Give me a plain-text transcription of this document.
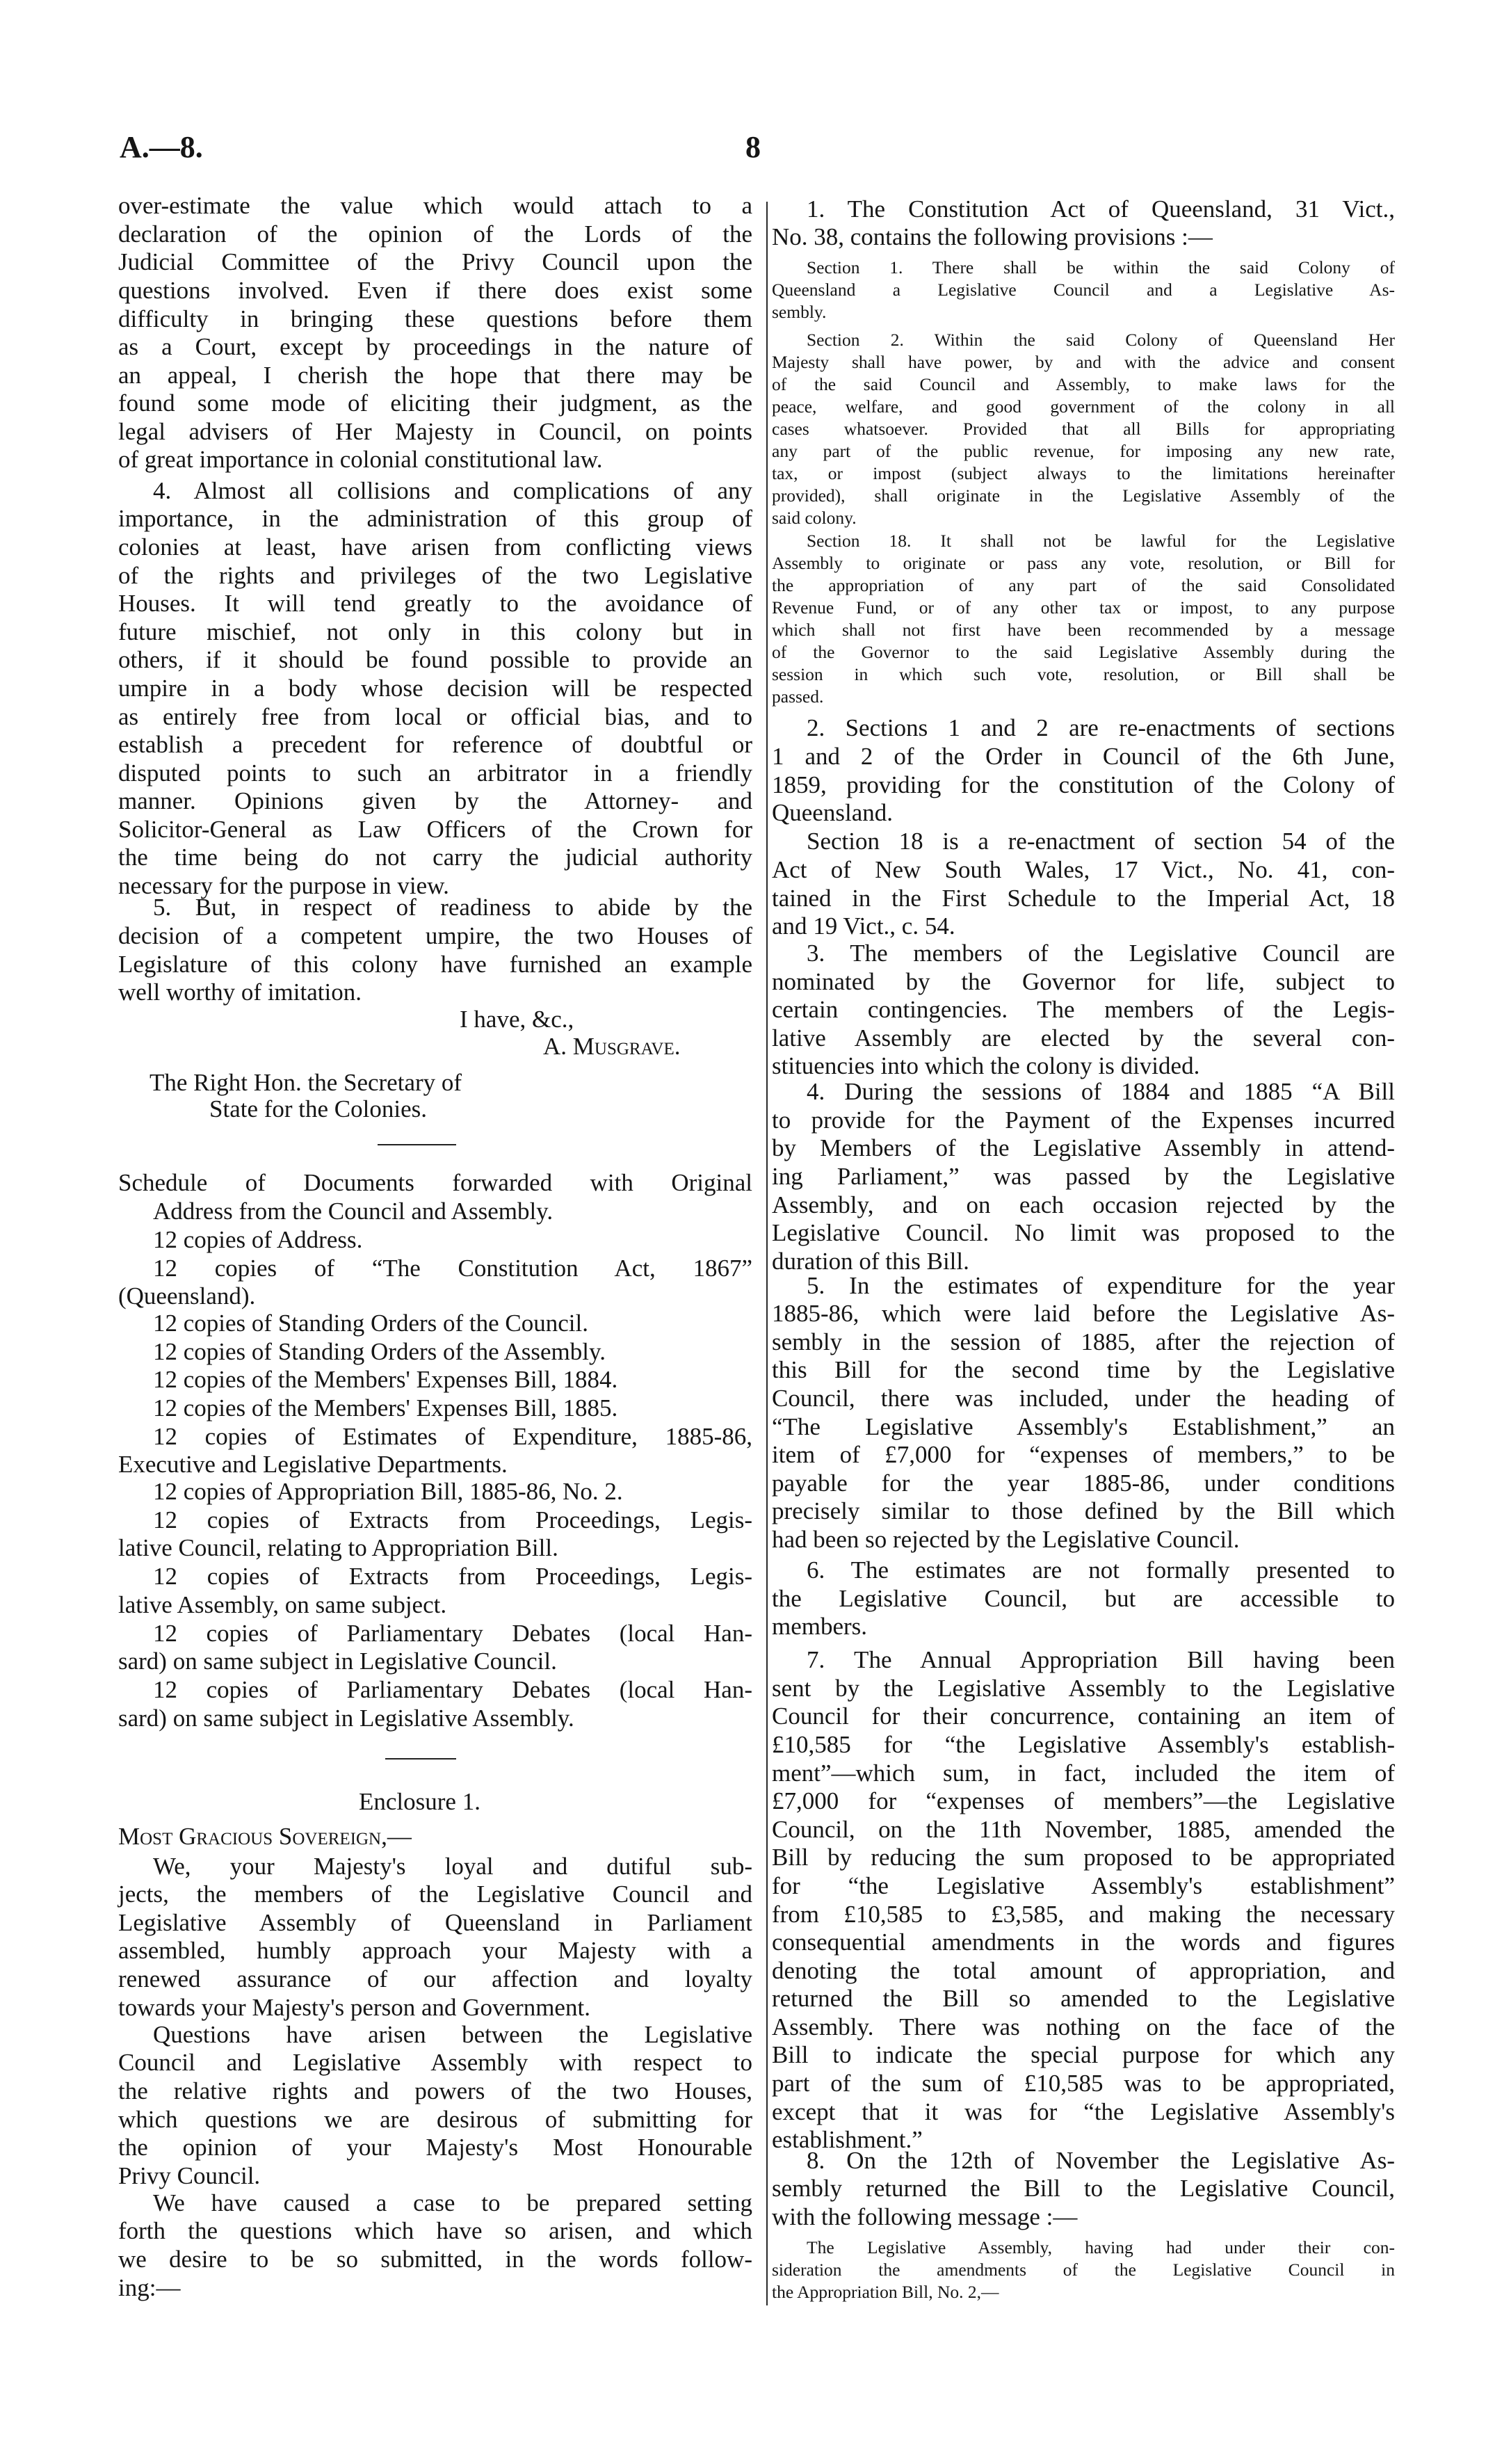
A.—8.	8
over-estimate the value which would attach to a
declaration of the opinion of the Lords of the
Judicial Committee of the Privy Council upon the
questions involved. Even if there does exist some
difficulty in bringing these questions before them
as a Court, except by proceedings in the nature of
an appeal, I cherish the hope that there may be
found some mode of eliciting their judgment, as the
legal advisers of Her Majesty in Council, on points
of great importance in colonial constitutional law.
4. Almost all collisions and complications of any
importance, in the administration of this group of
colonies at least, have arisen from conflicting views
of the rights and privileges of the two Legislative
Houses. It will tend greatly to the avoidance of
future mischief, not only in this colony but in
others, if it should be found possible to provide an
umpire in a body whose decision will be respected
as entirely free from local or official bias, and to
establish a precedent for reference of doubtful or
disputed points to such an arbitrator in a friendly
manner. Opinions given by the Attorney- and
Solicitor-General as Law Officers of the Crown for
the time being do not carry the judicial authority
necessary for the purpose in view.
5. But, in respect of readiness to abide by the
decision of a competent umpire, the two Houses of
Legislature of this colony have furnished an example
well worthy of imitation.
I have, &c.,
A. Musgrave.
The Right Hon. the Secretary of
State for the Colonies.
Schedule of Documents forwarded with Original
Address from the Council and Assembly.
Enclosure 1.
Most Gracious Sovereign,—
We, your Majesty's loyal and dutiful sub-
jects, the members of the Legislative Council and
Legislative Assembly of Queensland in Parliament
assembled, humbly approach your Majesty with a
renewed assurance of our affection and loyalty
towards your Majesty's person and Government.
Questions have arisen between the Legislative
Council and Legislative Assembly with respect to
the relative rights and powers of the two Houses,
which questions we are desirous of submitting for
the opinion of your Majesty's Most Honourable
Privy Council.
We have caused a case to be prepared setting
forth the questions which have so arisen, and which
we desire to be so submitted, in the words follow-
ing:—
12 copies of Address.
12 copies of “The Constitution Act, 1867”
(Queensland).
12 copies of Standing Orders of the Council.
12 copies of Standing Orders of the Assembly.
12 copies of the Members' Expenses Bill, 1884.
12 copies of the Members' Expenses Bill, 1885.
12 copies of Estimates of Expenditure, 1885-86,
Executive and Legislative Departments.
12 copies of Appropriation Bill, 1885-86, No. 2.
12 copies of Extracts from Proceedings, Legis-
lative Council, relating to Appropriation Bill.
12 copies of Extracts from Proceedings, Legis-
lative Assembly, on same subject.
12 copies of Parliamentary Debates (local Han-
sard) on same subject in Legislative Council.
12 copies of Parliamentary Debates (local Han-
sard) on same subject in Legislative Assembly.
1. The Constitution Act of Queensland, 31 Vict.,
No. 38, contains the following provisions :—
Section 1. There shall be within the said Colony of
Queensland a Legislative Council and a Legislative As-
sembly.
Section 2. Within the said Colony of Queensland Her
Majesty shall have power, by and with the advice and consent
of the said Council and Assembly, to make laws for the
peace, welfare, and good government of the colony in all
cases whatsoever. Provided that all Bills for appropriating
any part of the public revenue, for imposing any new rate,
tax, or impost (subject always to the limitations hereinafter
provided), shall originate in the Legislative Assembly of the
said colony.
Section 18. It shall not be lawful for the Legislative
Assembly to originate or pass any vote, resolution, or Bill for
the appropriation of any part of the said Consolidated
Revenue Fund, or of any other tax or impost, to any purpose
which shall not first have been recommended by a message
of the Governor to the said Legislative Assembly during the
session in which such vote, resolution, or Bill shall be
passed.
2. Sections 1 and 2 are re-enactments of sections
1 and 2 of the Order in Council of the 6th June,
1859, providing for the constitution of the Colony of
Queensland.
Section 18 is a re-enactment of section 54 of the
Act of New South Wales, 17 Vict., No. 41, con-
tained in the First Schedule to the Imperial Act, 18
and 19 Vict., c. 54.
3. The members of the Legislative Council are
nominated by the Governor for life, subject to
certain contingencies. The members of the Legis-
lative Assembly are elected by the several con-
stituencies into which the colony is divided.
4. During the sessions of 1884 and 1885 “A Bill
to provide for the Payment of the Expenses incurred
by Members of the Legislative Assembly in attend-
ing Parliament,” was passed by the Legislative
Assembly, and on each occasion rejected by the
Legislative Council. No limit was proposed to the
duration of this Bill.
5. In the estimates of expenditure for the year
1885-86, which were laid before the Legislative As-
sembly in the session of 1885, after the rejection of
this Bill for the second time by the Legislative
Council, there was included, under the heading of
“The Legislative Assembly's Establishment,” an
item of £7,000 for “expenses of members,” to be
payable for the year 1885-86, under conditions
precisely similar to those defined by the Bill which
had been so rejected by the Legislative Council.
6. The estimates are not formally presented to
the Legislative Council, but are accessible to
members.
7. The Annual Appropriation Bill having been
sent by the Legislative Assembly to the Legislative
Council for their concurrence, containing an item of
£10,585 for “the Legislative Assembly's establish-
ment”—which sum, in fact, included the item of
£7,000 for “expenses of members”—the Legislative
Council, on the 11th November, 1885, amended the
Bill by reducing the sum proposed to be appropriated
for “the Legislative Assembly's establishment”
from £10,585 to £3,585, and making the necessary
consequential amendments in the words and figures
denoting the total amount of appropriation, and
returned the Bill so amended to the Legislative
Assembly. There was nothing on the face of the
Bill to indicate the special purpose for which any
part of the sum of £10,585 was to be appropriated,
except that it was for “the Legislative Assembly's
establishment.”
8. On the 12th of November the Legislative As-
sembly returned the Bill to the Legislative Council,
with the following message :—
The Legislative Assembly, having had under their con-
sideration the amendments of the Legislative Council in
the Appropriation Bill, No. 2,—
